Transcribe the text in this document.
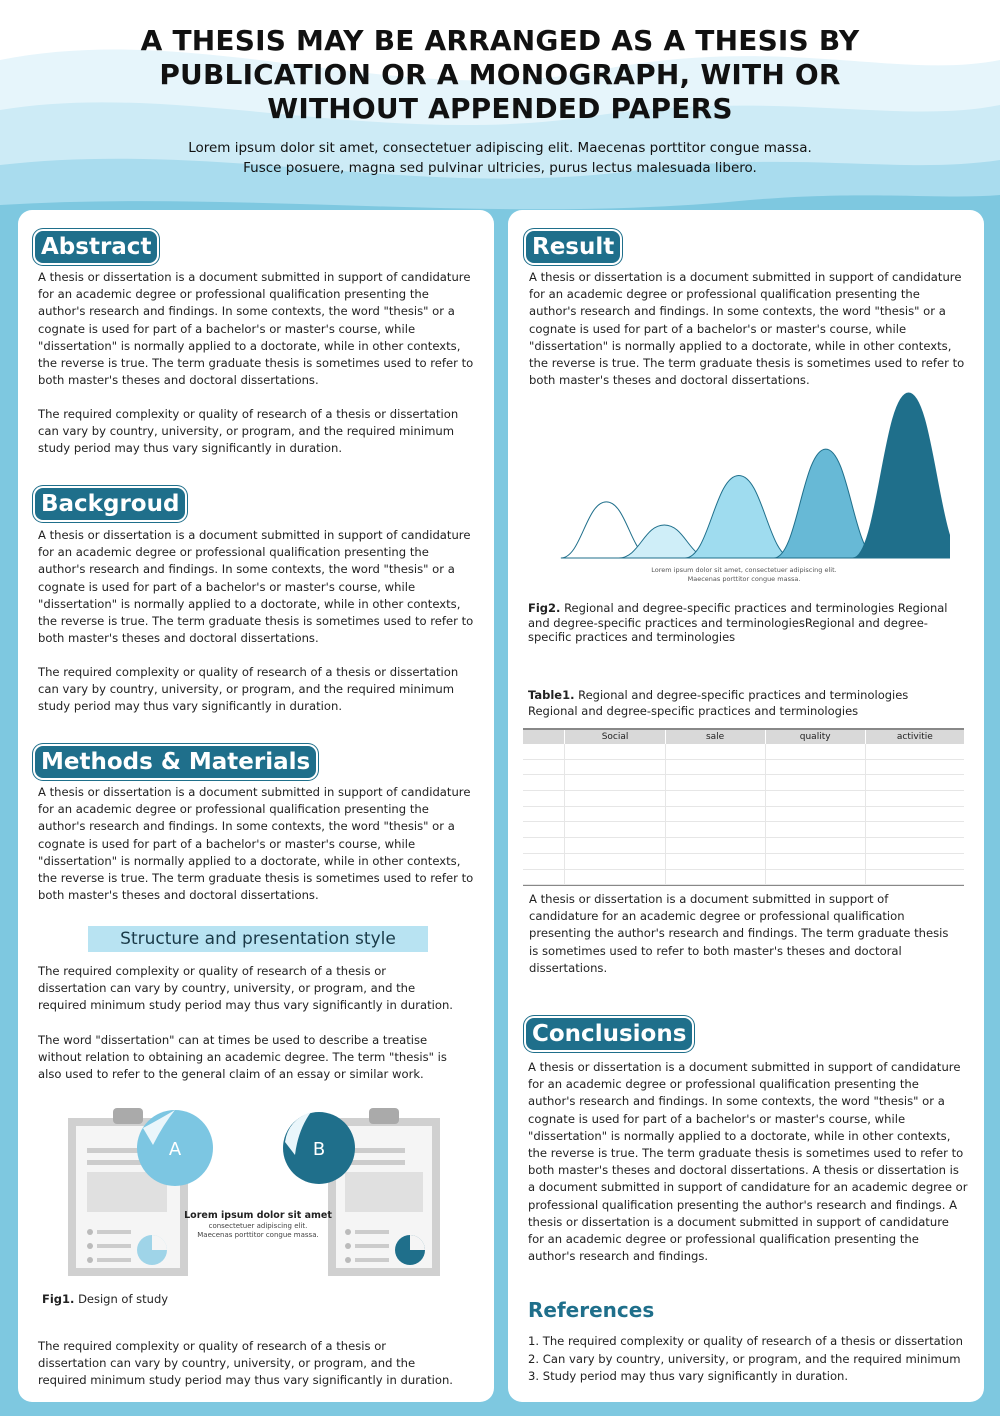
A THESIS MAY BE ARRANGED AS A THESIS BY PUBLICATION OR A MONOGRAPH, WITH OR WITHOUT APPENDED PAPERS
Lorem ipsum dolor sit amet, consectetuer adipiscing elit. Maecenas porttitor congue massa.
Fusce posuere, magna sed pulvinar ultricies, purus lectus malesuada libero.
Abstract

A thesis or dissertation is a document submitted in support of candidature for an academic degree or professional qualification presenting the author's research and findings. In some contexts, the word "thesis" or a cognate is used for part of a bachelor's or master's course, while "dissertation" is normally applied to a doctorate, while in other contexts, the reverse is true. The term graduate thesis is sometimes used to refer to both master's theses and doctoral dissertations.

The required complexity or quality of research of a thesis or dissertation can vary by country, university, or program, and the required minimum study period may thus vary significantly in duration.

Backgroud

A thesis or dissertation is a document submitted in support of candidature for an academic degree or professional qualification presenting the author's research and findings. In some contexts, the word "thesis" or a cognate is used for part of a bachelor's or master's course, while "dissertation" is normally applied to a doctorate, while in other contexts, the reverse is true. The term graduate thesis is sometimes used to refer to both master's theses and doctoral dissertations.

The required complexity or quality of research of a thesis or dissertation can vary by country, university, or program, and the required minimum study period may thus vary significantly in duration.

Methods & Materials

A thesis or dissertation is a document submitted in support of candidature for an academic degree or professional qualification presenting the author's research and findings. In some contexts, the word "thesis" or a cognate is used for part of a bachelor's or master's course, while "dissertation" is normally applied to a doctorate, while in other contexts, the reverse is true. The term graduate thesis is sometimes used to refer to both master's theses and doctoral dissertations.

Structure and presentation style

The required complexity or quality of research of a thesis or dissertation can vary by country, university, or program, and the required minimum study period may thus vary significantly in duration.

The word "dissertation" can at times be used to describe a treatise without relation to obtaining an academic degree. The term "thesis" is also used to refer to the general claim of an essay or similar work.

A	B
Lorem ipsum dolor sit amet
consectetuer adipiscing elit.
Maecenas porttitor congue massa.
Fig1. Design of study

The required complexity or quality of research of a thesis or dissertation can vary by country, university, or program, and the required minimum study period may thus vary significantly in duration.

Result

A thesis or dissertation is a document submitted in support of candidature for an academic degree or professional qualification presenting the author's research and findings. In some contexts, the word "thesis" or a cognate is used for part of a bachelor's or master's course, while "dissertation" is normally applied to a doctorate, while in other contexts, the reverse is true. The term graduate thesis is sometimes used to refer to both master's theses and doctoral dissertations.

Lorem ipsum dolor sit amet, consectetuer adipiscing elit.
Maecenas porttitor congue massa.
Fig2. Regional and degree-specific practices and terminologies Regional and degree-specific practices and terminologiesRegional and degree-specific practices and terminologies
Table1. Regional and degree-specific practices and terminologies Regional and degree-specific practices and terminologies
	Social	sale	quality	activitie

A thesis or dissertation is a document submitted in support of candidature for an academic degree or professional qualification presenting the author's research and findings. The term graduate thesis is sometimes used to refer to both master's theses and doctoral dissertations.

Conclusions

A thesis or dissertation is a document submitted in support of candidature for an academic degree or professional qualification presenting the author's research and findings. In some contexts, the word "thesis" or a cognate is used for part of a bachelor's or master's course, while "dissertation" is normally applied to a doctorate, while in other contexts, the reverse is true. The term graduate thesis is sometimes used to refer to both master's theses and doctoral dissertations. A thesis or dissertation is a document submitted in support of candidature for an academic degree or professional qualification presenting the author's research and findings. A thesis or dissertation is a document submitted in support of candidature for an academic degree or professional qualification presenting the author's research and findings.

References
1. The required complexity or quality of research of a thesis or dissertation
2. Can vary by country, university, or program, and the required minimum
3. Study period may thus vary significantly in duration.
